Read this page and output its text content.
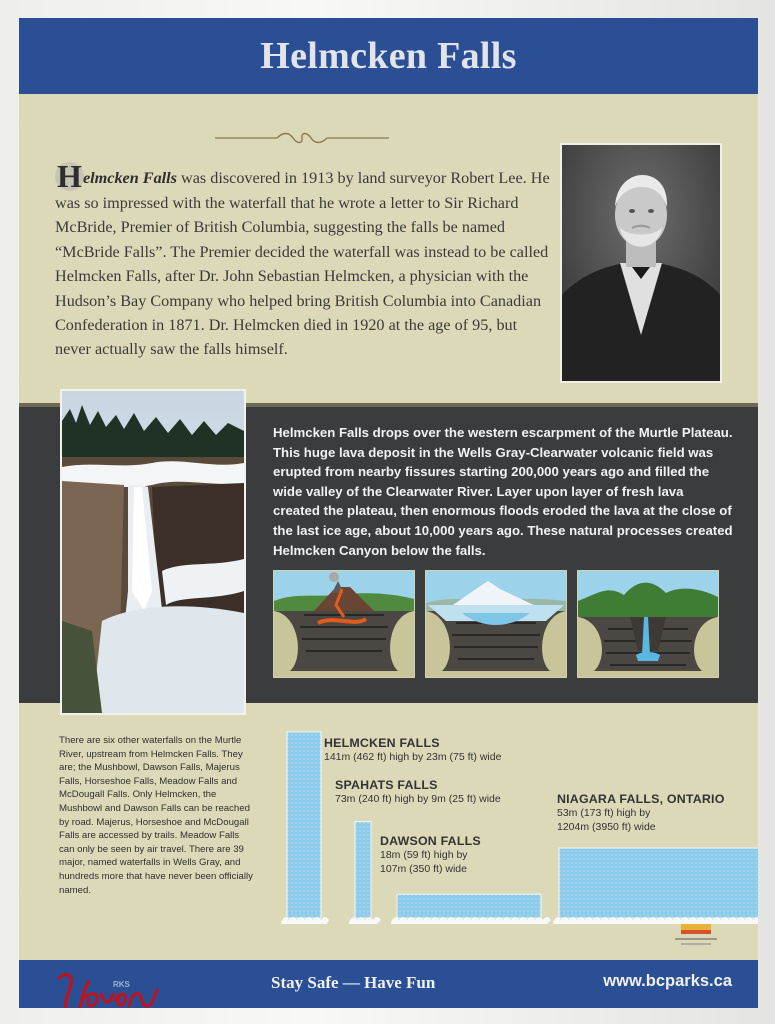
Helmcken Falls
Helmcken Falls was discovered in 1913 by land surveyor Robert Lee. He was so impressed with the waterfall that he wrote a letter to Sir Richard McBride, Premier of British Columbia, suggesting the falls be named “McBride Falls”. The Premier decided the waterfall was instead to be called Helmcken Falls, after Dr. John Sebastian Helmcken, a physician with the Hudson’s Bay Company who helped bring British Columbia into Canadian Confederation in 1871. Dr. Helmcken died in 1920 at the age of 95, but never actually saw the falls himself.
Helmcken Falls drops over the western escarpment of the Murtle Plateau. This huge lava deposit in the Wells Gray-Clearwater volcanic field was erupted from nearby fissures starting 200,000 years ago and filled the wide valley of the Clearwater River. Layer upon layer of fresh lava created the plateau, then enormous floods eroded the lava at the close of the last ice age, about 10,000 years ago. These natural processes created Helmcken Canyon below the falls.
There are six other waterfalls on the Murtle River, upstream from Helmcken Falls. They are; the Mushbowl, Dawson Falls, Majerus Falls, Horseshoe Falls, Meadow Falls and McDougall Falls. Only Helmcken, the Mushbowl and Dawson Falls can be reached by road. Majerus, Horseshoe and McDougall Falls are accessed by trails. Meadow Falls can only be seen by air travel. There are 39 major, named waterfalls in Wells Gray, and hundreds more that have never been officially named.
HELMCKEN FALLS
141m (462 ft) high by 23m (75 ft) wide
SPAHATS FALLS
73m (240 ft) high by 9m (25 ft) wide
DAWSON FALLS
18m (59 ft) high by
107m (350 ft) wide
NIAGARA FALLS, ONTARIO
53m (173 ft) high by
1204m (3950 ft) wide
RKS	Stay Safe — Have Fun	www.bcparks.ca
